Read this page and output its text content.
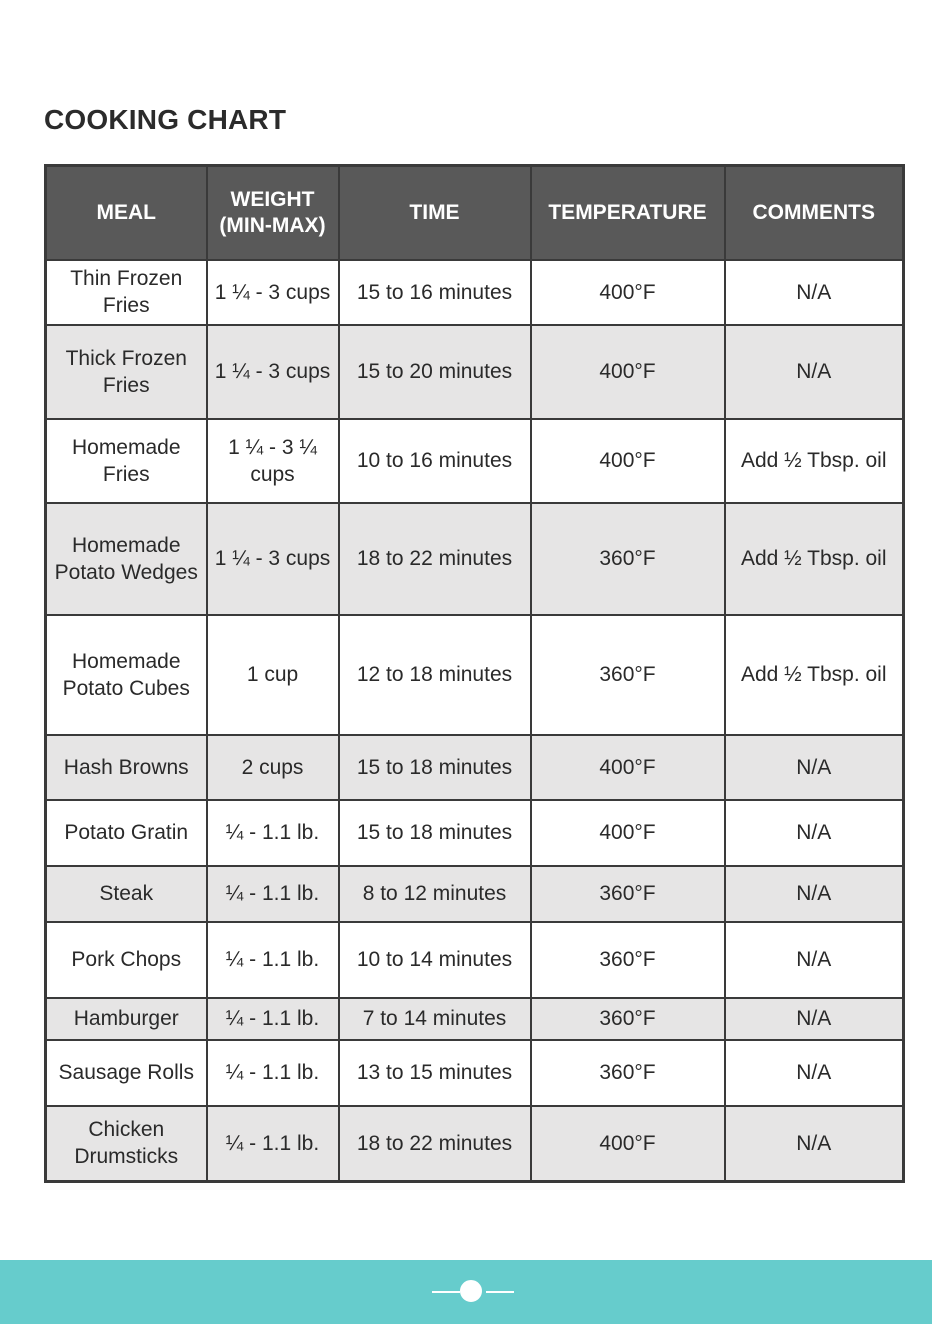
COOKING CHART
MEAL	WEIGHT (MIN-MAX)	TIME	TEMPERATURE	COMMENTS
Thin Frozen Fries	1 ¼ - 3 cups	15 to 16 minutes	400°F	N/A
Thick Frozen Fries	1 ¼ - 3 cups	15 to 20 minutes	400°F	N/A
Homemade Fries	1 ¼ - 3 ¼ cups	10 to 16 minutes	400°F	Add ½ Tbsp. oil
Homemade Potato Wedges	1 ¼ - 3 cups	18 to 22 minutes	360°F	Add ½ Tbsp. oil
Homemade Potato Cubes	1 cup	12 to 18 minutes	360°F	Add ½ Tbsp. oil
Hash Browns	2 cups	15 to 18 minutes	400°F	N/A
Potato Gratin	¼ - 1.1 lb.	15 to 18 minutes	400°F	N/A
Steak	¼ - 1.1 lb.	8 to 12 minutes	360°F	N/A
Pork Chops	¼ - 1.1 lb.	10 to 14 minutes	360°F	N/A
Hamburger	¼ - 1.1 lb.	7 to 14 minutes	360°F	N/A
Sausage Rolls	¼ - 1.1 lb.	13 to 15 minutes	360°F	N/A
Chicken Drumsticks	¼ - 1.1 lb.	18 to 22 minutes	400°F	N/A
